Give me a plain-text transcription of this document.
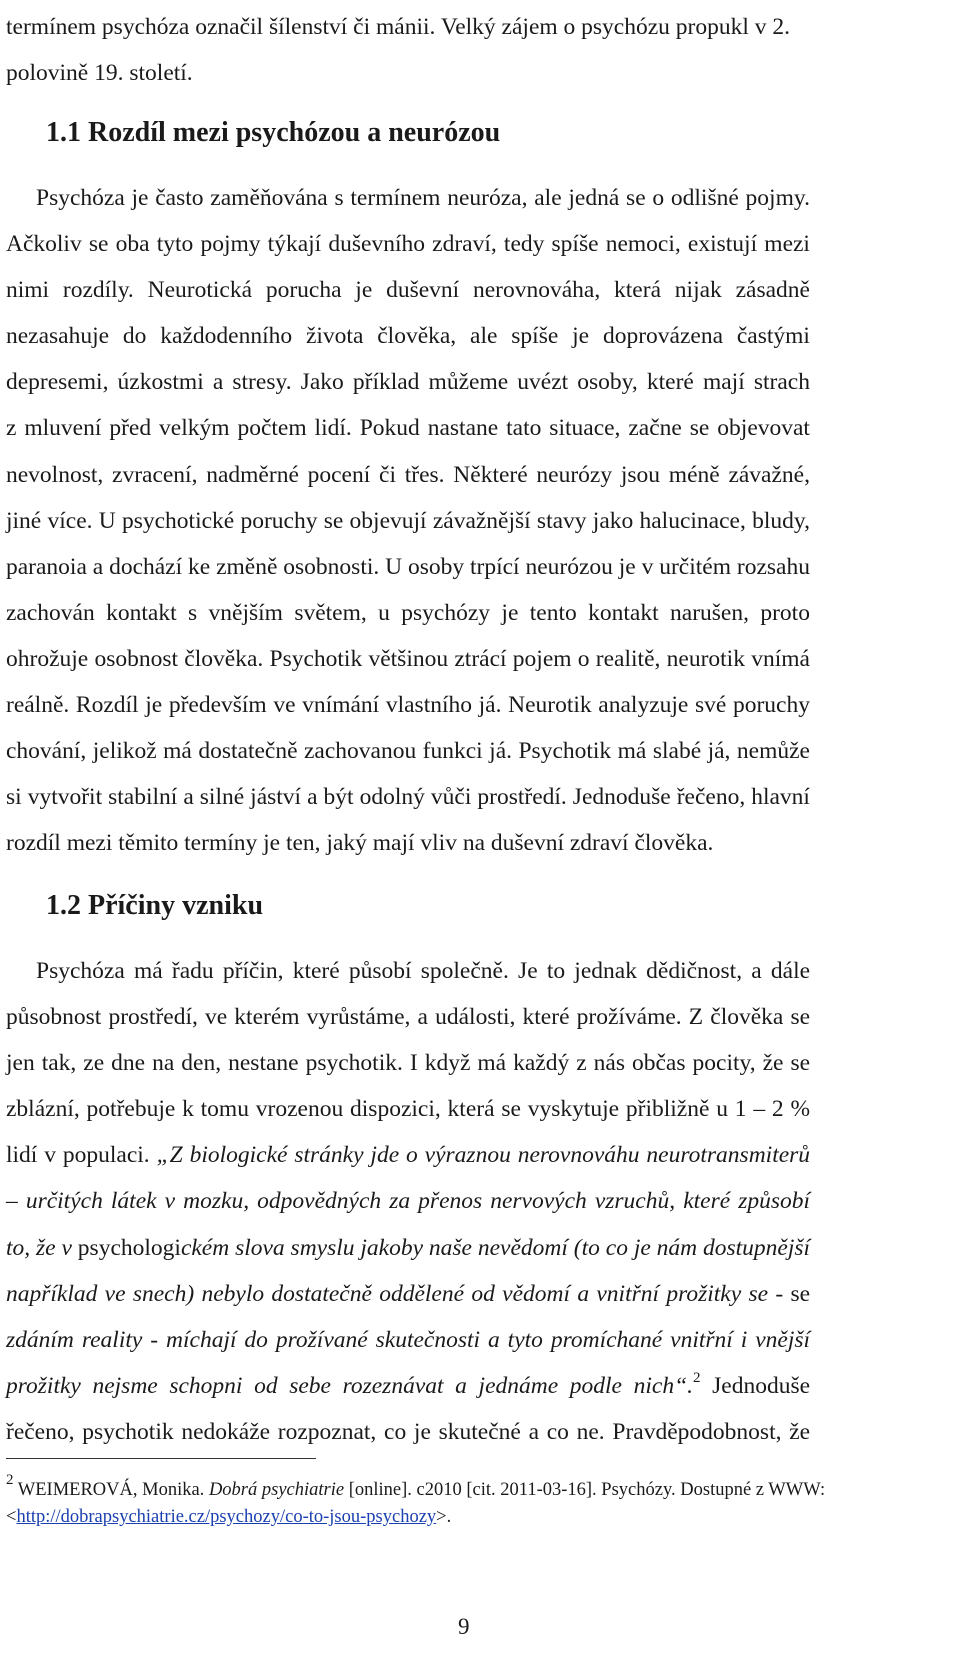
termínem psychóza označil šílenství či mánii. Velký zájem o psychózu propukl v 2.
polovině 19. století.

1.1 Rozdíl mezi psychózou a neurózou

Psychóza je často zaměňována s termínem neuróza, ale jedná se o odlišné pojmy.
Ačkoliv se oba tyto pojmy týkají duševního zdraví, tedy spíše nemoci, existují mezi
nimi rozdíly. Neurotická porucha je duševní nerovnováha, která nijak zásadně
nezasahuje do každodenního života člověka, ale spíše je doprovázena častými
depresemi, úzkostmi a stresy. Jako příklad můžeme uvézt osoby, které mají strach
z mluvení před velkým počtem lidí. Pokud nastane tato situace, začne se objevovat
nevolnost, zvracení, nadměrné pocení či třes. Některé neurózy jsou méně závažné,
jiné více. U psychotické poruchy se objevují závažnější stavy jako halucinace, bludy,
paranoia a dochází ke změně osobnosti. U osoby trpící neurózou je v určitém rozsahu
zachován kontakt s vnějším světem, u psychózy je tento kontakt narušen, proto
ohrožuje osobnost člověka. Psychotik většinou ztrácí pojem o realitě, neurotik vnímá
reálně. Rozdíl je především ve vnímání vlastního já. Neurotik analyzuje své poruchy
chování, jelikož má dostatečně zachovanou funkci já. Psychotik má slabé já, nemůže
si vytvořit stabilní a silné jáství a být odolný vůči prostředí. Jednoduše řečeno, hlavní
rozdíl mezi těmito termíny je ten, jaký mají vliv na duševní zdraví člověka.

1.2 Příčiny vzniku

Psychóza má řadu příčin, které působí společně. Je to jednak dědičnost, a dále
působnost prostředí, ve kterém vyrůstáme, a události, které prožíváme. Z člověka se
jen tak, ze dne na den, nestane psychotik. I když má každý z nás občas pocity, že se
zblázní, potřebuje k tomu vrozenou dispozici, která se vyskytuje přibližně u 1 – 2 %
lidí v populaci. „Z biologické stránky jde o výraznou nerovnováhu neurotransmiterů
– určitých látek v mozku, odpovědných za přenos nervových vzruchů, které způsobí
to, že v psychologickém slova smyslu jakoby naše nevědomí (to co je nám dostupnější
například ve snech) nebylo dostatečně oddělené od vědomí a vnitřní prožitky se - se
zdáním reality - míchají do prožívané skutečnosti a tyto promíchané vnitřní i vnější
prožitky nejsme schopni od sebe rozeznávat a jednáme podle nich“.$^2$ Jednoduše
řečeno, psychotik nedokáže rozpoznat, co je skutečné a co ne. Pravděpodobnost, že

$^2$ WEIMEROVÁ, Monika. Dobrá psychiatrie [online]. c2010 [cit. 2011-03-16]. Psychózy. Dostupné z WWW:
<http://dobrapsychiatrie.cz/psychozy/co-to-jsou-psychozy>.
9
